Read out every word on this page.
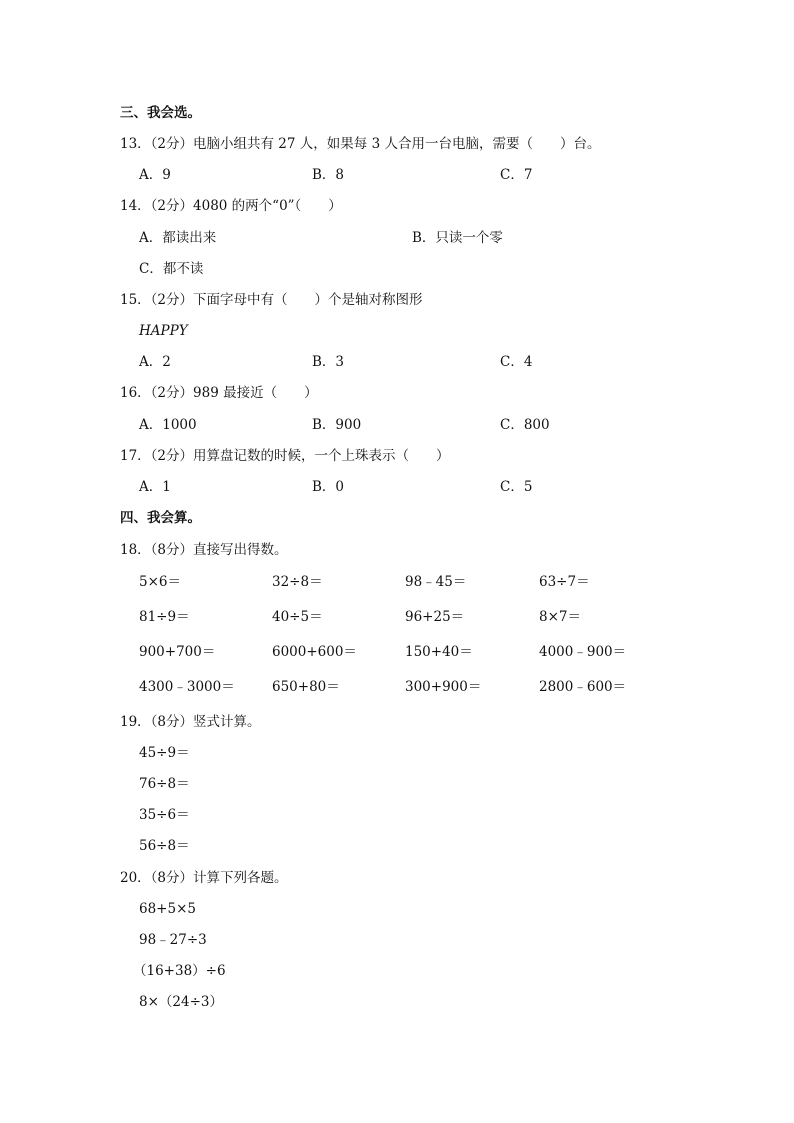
三、我会选。
13．（2分）电脑小组共有 27 人，如果每 3 人合用一台电脑，需要（　　）台。
A．9	B．8	C．7
14．（2分）4080 的两个“0”（　　）
A．都读出来	B．只读一个零
C．都不读
15．（2分）下面字母中有（　　）个是轴对称图形
HAPPY
A．2	B．3	C．4
16．（2分）989 最接近（　　）
A．1000	B．900	C．800
17．（2分）用算盘记数的时候，一个上珠表示（　　）
A．1	B．0	C．5
四、我会算。
18．（8分）直接写出得数。
5×6＝	32÷8＝	98﹣45＝	63÷7＝
81÷9＝	40÷5＝	96+25＝	8×7＝
900+700＝	6000+600＝	150+40＝	4000﹣900＝
4300﹣3000＝	650+80＝	300+900＝	2800﹣600＝
19．（8分）竖式计算。
45÷9＝
76÷8＝
35÷6＝
56÷8＝
20．（8分）计算下列各题。
68+5×5
98﹣27÷3
（16+38）÷6
8×（24÷3）
